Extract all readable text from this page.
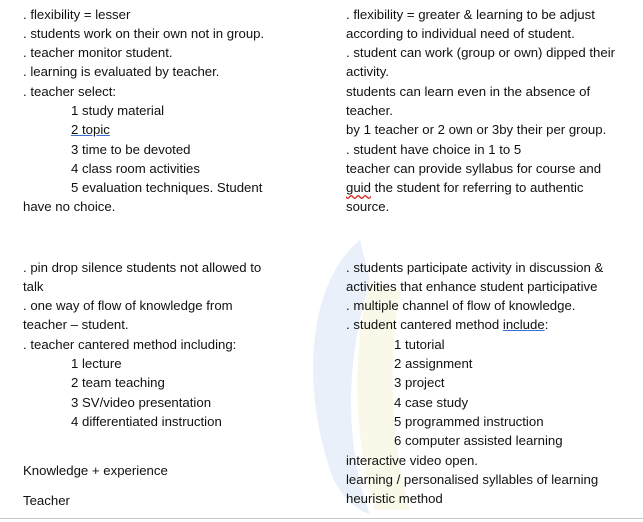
. flexibility = lesser
. students work on their own not in group.
. teacher monitor student.
. learning is evaluated by teacher.
. teacher select:
1 study material
2 topic
3 time to be devoted
4 class room activities
5 evaluation techniques. Student
have no choice.
. pin drop silence students not allowed to
talk
. one way of flow of knowledge from
teacher – student.
. teacher cantered method including:
1 lecture
2 team teaching
3 SV/video presentation
4 differentiated instruction
Knowledge + experience
Teacher
. flexibility = greater & learning to be adjust
according to individual need of student.
. student can work (group or own) dipped their
activity.
students can learn even in the absence of
teacher.
by 1 teacher or 2 own or 3by their per group.
. student have choice in 1 to 5
teacher can provide syllabus for course and
guid the student for referring to authentic
source.
. students participate activity in discussion &
activities that enhance student participative
. multiple channel of flow of knowledge.
. student cantered method include:
1 tutorial
2 assignment
3 project
4 case study
5 programmed instruction
6 computer assisted learning
interactive video open.
learning / personalised syllables of learning
heuristic method
